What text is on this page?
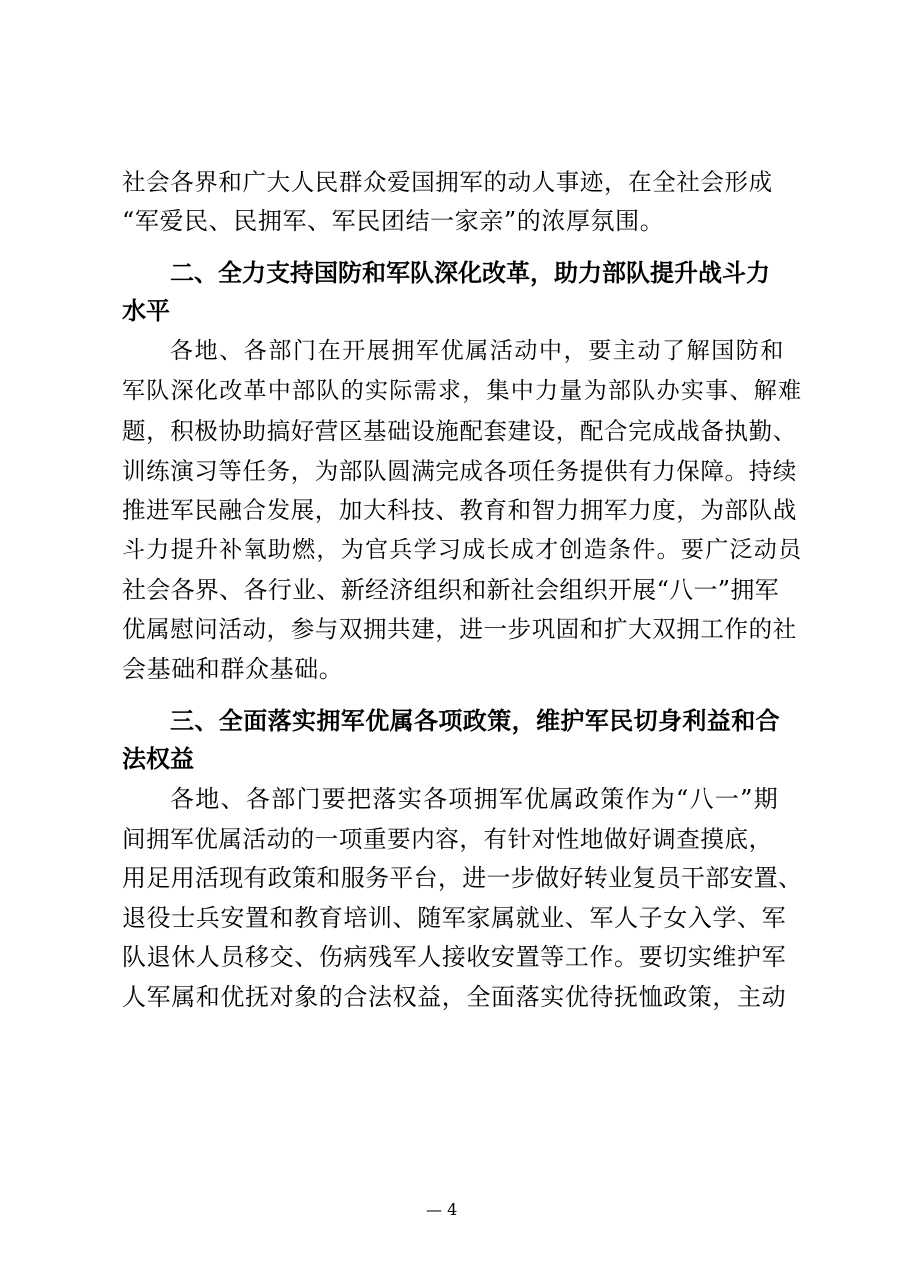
社会各界和广大人民群众爱国拥军的动人事迹，在全社会形成

“军爱民、民拥军、军民团结一家亲”的浓厚氛围。

二、全力支持国防和军队深化改革，助力部队提升战斗力

水平

各地、各部门在开展拥军优属活动中，要主动了解国防和

军队深化改革中部队的实际需求，集中力量为部队办实事、解难

题，积极协助搞好营区基础设施配套建设，配合完成战备执勤、

训练演习等任务，为部队圆满完成各项任务提供有力保障。持续

推进军民融合发展，加大科技、教育和智力拥军力度，为部队战

斗力提升补氧助燃，为官兵学习成长成才创造条件。要广泛动员

社会各界、各行业、新经济组织和新社会组织开展“八一”拥军

优属慰问活动，参与双拥共建，进一步巩固和扩大双拥工作的社

会基础和群众基础。

三、全面落实拥军优属各项政策，维护军民切身利益和合

法权益

各地、各部门要把落实各项拥军优属政策作为“八一”期

间拥军优属活动的一项重要内容，有针对性地做好调查摸底，

用足用活现有政策和服务平台，进一步做好转业复员干部安置、

退役士兵安置和教育培训、随军家属就业、军人子女入学、军

队退休人员移交、伤病残军人接收安置等工作。要切实维护军

人军属和优抚对象的合法权益，全面落实优待抚恤政策，主动

— 4
